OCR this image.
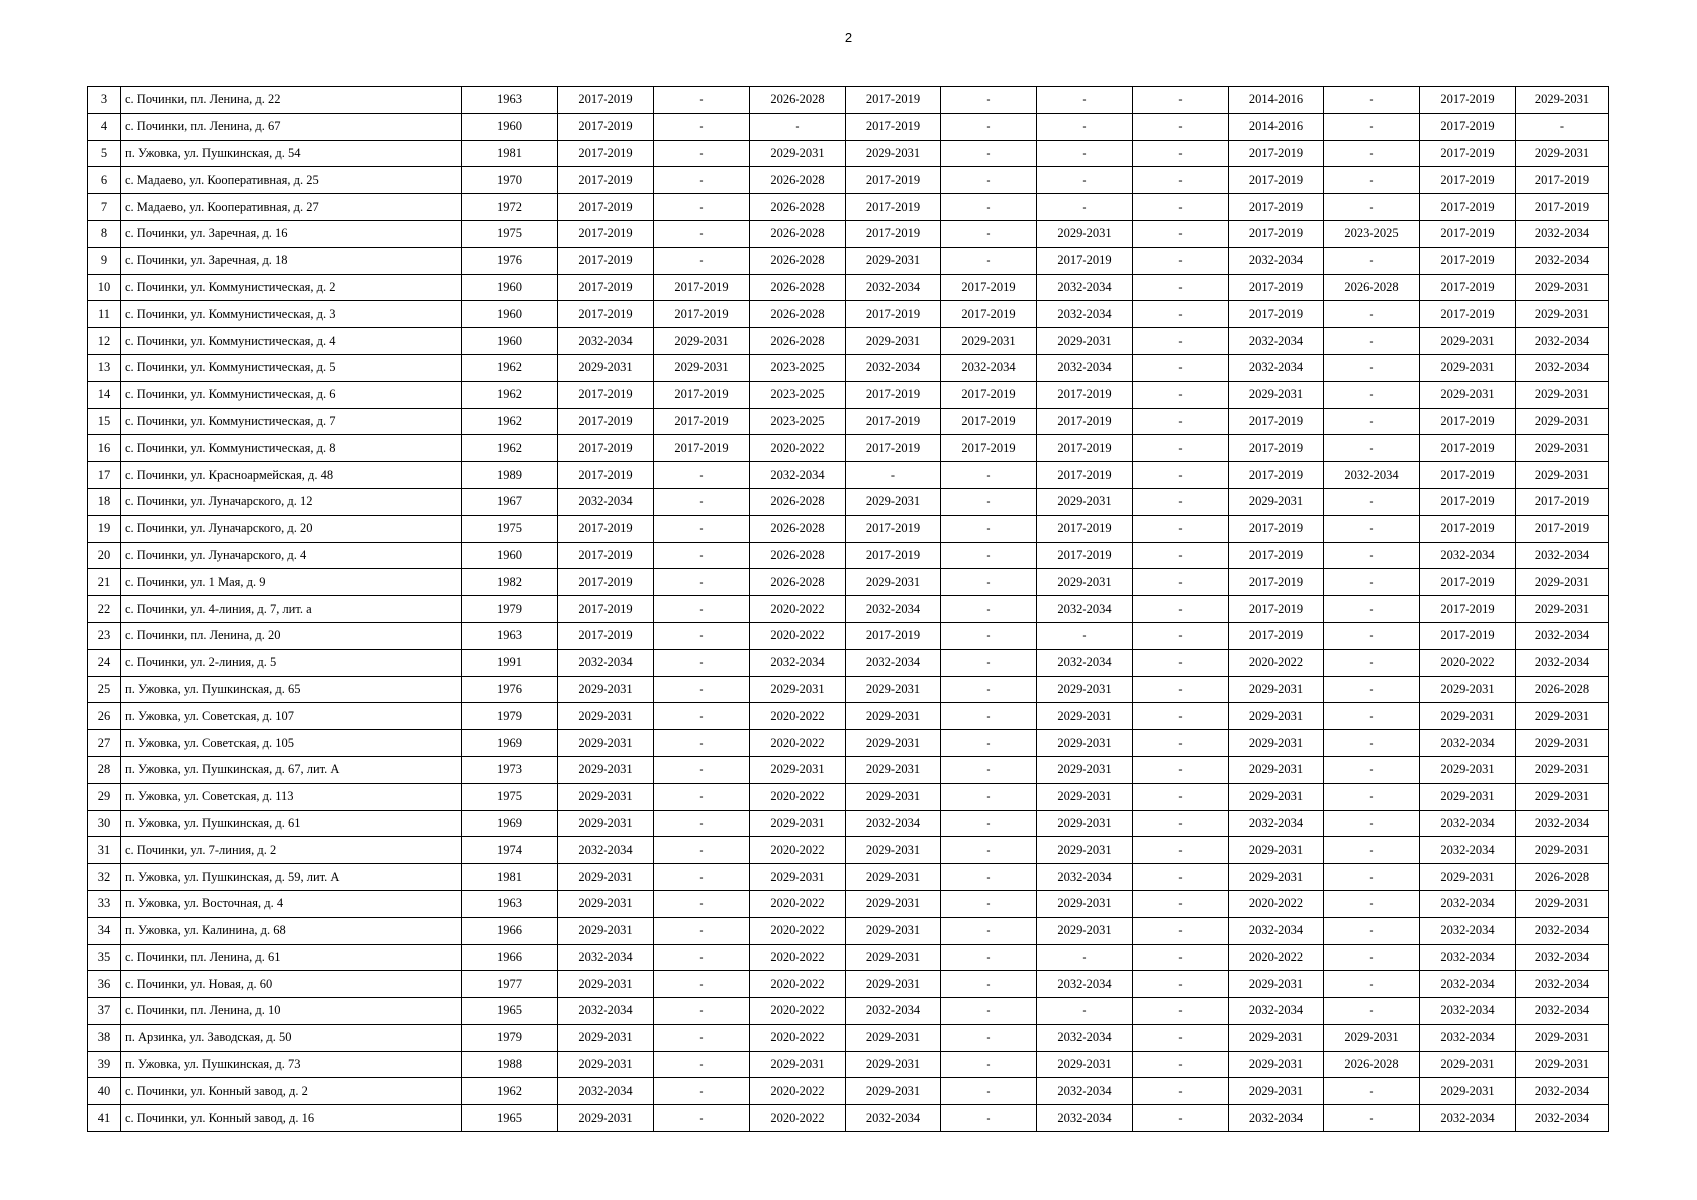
2
3	с. Починки, пл. Ленина, д. 22	1963	2017-2019	-	2026-2028	2017-2019	-	-	-	2014-2016	-	2017-2019	2029-2031
4	с. Починки, пл. Ленина, д. 67	1960	2017-2019	-	-	2017-2019	-	-	-	2014-2016	-	2017-2019	-
5	п. Ужовка, ул. Пушкинская, д. 54	1981	2017-2019	-	2029-2031	2029-2031	-	-	-	2017-2019	-	2017-2019	2029-2031
6	с. Мадаево, ул. Кооперативная, д. 25	1970	2017-2019	-	2026-2028	2017-2019	-	-	-	2017-2019	-	2017-2019	2017-2019
7	с. Мадаево, ул. Кооперативная, д. 27	1972	2017-2019	-	2026-2028	2017-2019	-	-	-	2017-2019	-	2017-2019	2017-2019
8	с. Починки, ул. Заречная, д. 16	1975	2017-2019	-	2026-2028	2017-2019	-	2029-2031	-	2017-2019	2023-2025	2017-2019	2032-2034
9	с. Починки, ул. Заречная, д. 18	1976	2017-2019	-	2026-2028	2029-2031	-	2017-2019	-	2032-2034	-	2017-2019	2032-2034
10	с. Починки, ул. Коммунистическая, д. 2	1960	2017-2019	2017-2019	2026-2028	2032-2034	2017-2019	2032-2034	-	2017-2019	2026-2028	2017-2019	2029-2031
11	с. Починки, ул. Коммунистическая, д. 3	1960	2017-2019	2017-2019	2026-2028	2017-2019	2017-2019	2032-2034	-	2017-2019	-	2017-2019	2029-2031
12	с. Починки, ул. Коммунистическая, д. 4	1960	2032-2034	2029-2031	2026-2028	2029-2031	2029-2031	2029-2031	-	2032-2034	-	2029-2031	2032-2034
13	с. Починки, ул. Коммунистическая, д. 5	1962	2029-2031	2029-2031	2023-2025	2032-2034	2032-2034	2032-2034	-	2032-2034	-	2029-2031	2032-2034
14	с. Починки, ул. Коммунистическая, д. 6	1962	2017-2019	2017-2019	2023-2025	2017-2019	2017-2019	2017-2019	-	2029-2031	-	2029-2031	2029-2031
15	с. Починки, ул. Коммунистическая, д. 7	1962	2017-2019	2017-2019	2023-2025	2017-2019	2017-2019	2017-2019	-	2017-2019	-	2017-2019	2029-2031
16	с. Починки, ул. Коммунистическая, д. 8	1962	2017-2019	2017-2019	2020-2022	2017-2019	2017-2019	2017-2019	-	2017-2019	-	2017-2019	2029-2031
17	с. Починки, ул. Красноармейская, д. 48	1989	2017-2019	-	2032-2034	-	-	2017-2019	-	2017-2019	2032-2034	2017-2019	2029-2031
18	с. Починки, ул. Луначарского, д. 12	1967	2032-2034	-	2026-2028	2029-2031	-	2029-2031	-	2029-2031	-	2017-2019	2017-2019
19	с. Починки, ул. Луначарского, д. 20	1975	2017-2019	-	2026-2028	2017-2019	-	2017-2019	-	2017-2019	-	2017-2019	2017-2019
20	с. Починки, ул. Луначарского, д. 4	1960	2017-2019	-	2026-2028	2017-2019	-	2017-2019	-	2017-2019	-	2032-2034	2032-2034
21	с. Починки, ул. 1 Мая, д. 9	1982	2017-2019	-	2026-2028	2029-2031	-	2029-2031	-	2017-2019	-	2017-2019	2029-2031
22	с. Починки, ул. 4-линия, д. 7, лит. а	1979	2017-2019	-	2020-2022	2032-2034	-	2032-2034	-	2017-2019	-	2017-2019	2029-2031
23	с. Починки, пл. Ленина, д. 20	1963	2017-2019	-	2020-2022	2017-2019	-	-	-	2017-2019	-	2017-2019	2032-2034
24	с. Починки, ул. 2-линия, д. 5	1991	2032-2034	-	2032-2034	2032-2034	-	2032-2034	-	2020-2022	-	2020-2022	2032-2034
25	п. Ужовка, ул. Пушкинская, д. 65	1976	2029-2031	-	2029-2031	2029-2031	-	2029-2031	-	2029-2031	-	2029-2031	2026-2028
26	п. Ужовка, ул. Советская, д. 107	1979	2029-2031	-	2020-2022	2029-2031	-	2029-2031	-	2029-2031	-	2029-2031	2029-2031
27	п. Ужовка, ул. Советская, д. 105	1969	2029-2031	-	2020-2022	2029-2031	-	2029-2031	-	2029-2031	-	2032-2034	2029-2031
28	п. Ужовка, ул. Пушкинская, д. 67, лит. А	1973	2029-2031	-	2029-2031	2029-2031	-	2029-2031	-	2029-2031	-	2029-2031	2029-2031
29	п. Ужовка, ул. Советская, д. 113	1975	2029-2031	-	2020-2022	2029-2031	-	2029-2031	-	2029-2031	-	2029-2031	2029-2031
30	п. Ужовка, ул. Пушкинская, д. 61	1969	2029-2031	-	2029-2031	2032-2034	-	2029-2031	-	2032-2034	-	2032-2034	2032-2034
31	с. Починки, ул. 7-линия, д. 2	1974	2032-2034	-	2020-2022	2029-2031	-	2029-2031	-	2029-2031	-	2032-2034	2029-2031
32	п. Ужовка, ул. Пушкинская, д. 59, лит. А	1981	2029-2031	-	2029-2031	2029-2031	-	2032-2034	-	2029-2031	-	2029-2031	2026-2028
33	п. Ужовка, ул. Восточная, д. 4	1963	2029-2031	-	2020-2022	2029-2031	-	2029-2031	-	2020-2022	-	2032-2034	2029-2031
34	п. Ужовка, ул. Калинина, д. 68	1966	2029-2031	-	2020-2022	2029-2031	-	2029-2031	-	2032-2034	-	2032-2034	2032-2034
35	с. Починки, пл. Ленина, д. 61	1966	2032-2034	-	2020-2022	2029-2031	-	-	-	2020-2022	-	2032-2034	2032-2034
36	с. Починки, ул. Новая, д. 60	1977	2029-2031	-	2020-2022	2029-2031	-	2032-2034	-	2029-2031	-	2032-2034	2032-2034
37	с. Починки, пл. Ленина, д. 10	1965	2032-2034	-	2020-2022	2032-2034	-	-	-	2032-2034	-	2032-2034	2032-2034
38	п. Арзинка, ул. Заводская, д. 50	1979	2029-2031	-	2020-2022	2029-2031	-	2032-2034	-	2029-2031	2029-2031	2032-2034	2029-2031
39	п. Ужовка, ул. Пушкинская, д. 73	1988	2029-2031	-	2029-2031	2029-2031	-	2029-2031	-	2029-2031	2026-2028	2029-2031	2029-2031
40	с. Починки, ул. Конный завод, д. 2	1962	2032-2034	-	2020-2022	2029-2031	-	2032-2034	-	2029-2031	-	2029-2031	2032-2034
41	с. Починки, ул. Конный завод, д. 16	1965	2029-2031	-	2020-2022	2032-2034	-	2032-2034	-	2032-2034	-	2032-2034	2032-2034
